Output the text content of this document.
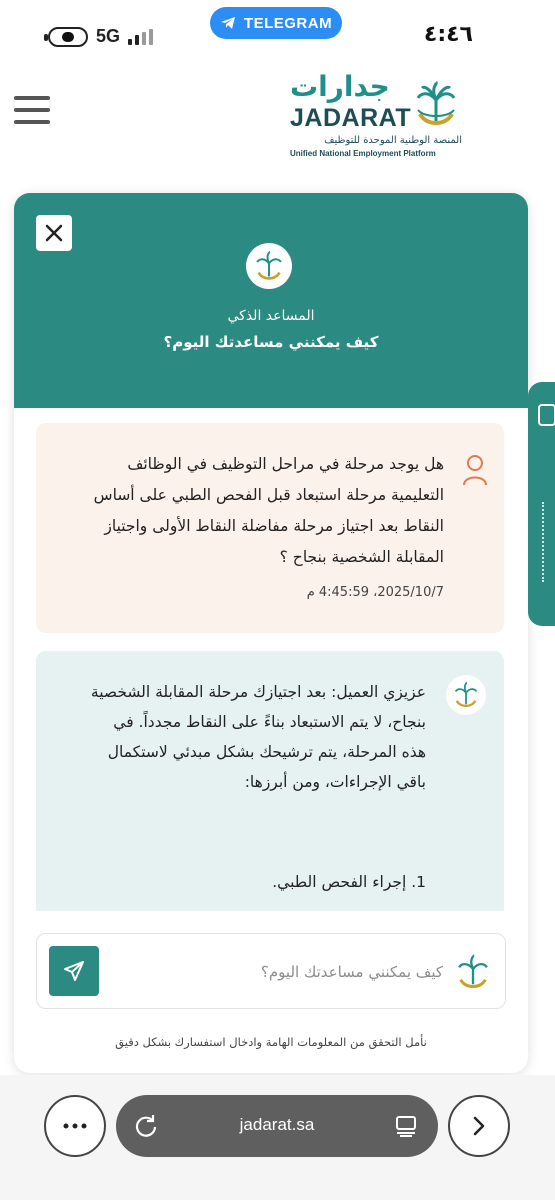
5G
TELEGRAM	٤:٤٦
جدارات
JADARAT
المنصة الوطنية الموحدة للتوظيف
Unified National Employment Platform
المساعد الذكي
كيف يمكنني مساعدتك اليوم؟
هل يوجد مرحلة في مراحل التوظيف في الوظائف التعليمية مرحلة استبعاد قبل الفحص الطبي على أساس النقاط بعد اجتياز مرحلة مفاضلة النقاط الأولى واجتياز المقابلة الشخصية بنجاح ؟
2025/10/7، 4:45:59 م
عزيزي العميل: بعد اجتيازك مرحلة المقابلة الشخصية بنجاح، لا يتم الاستبعاد بناءً على النقاط مجدداً. في هذه المرحلة، يتم ترشيحك بشكل مبدئي لاستكمال باقي الإجراءات، ومن أبرزها:
1. إجراء الفحص الطبي.
كيف يمكنني مساعدتك اليوم؟
نأمل التحقق من المعلومات الهامة وادخال استفسارك بشكل دقيق
jadarat.sa
